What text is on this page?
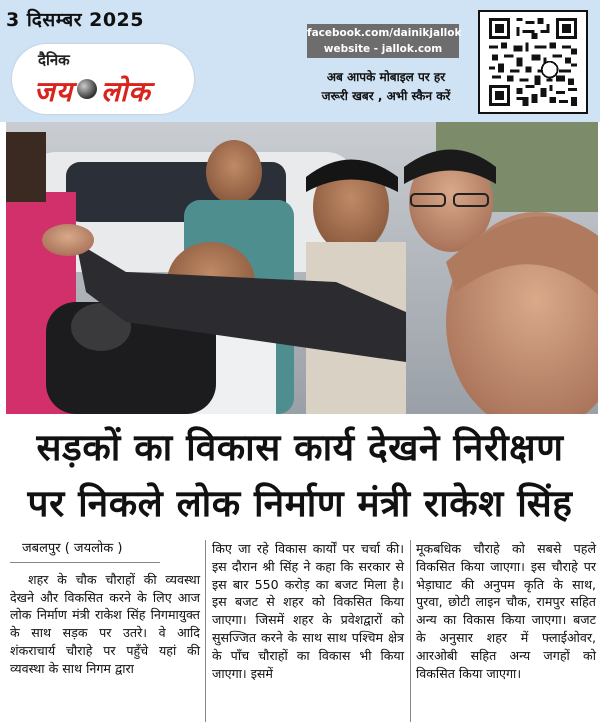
3 दिसम्बर 2025
दैनिक
जय लोक
facebook.com/dainikjallok
website - jallok.com
अब आपके मोबाइल पर हर
जरूरी खबर , अभी स्कैन करें
सड़कों का विकास कार्य देखने निरीक्षण
पर निकले लोक निर्माण मंत्री राकेश सिंह
जबलपुर ( जयलोक )

शहर के चौक चौराहों की व्यवस्था देखने और विकसित करने के लिए आज लोक निर्माण मंत्री राकेश सिंह निगमायुक्त के साथ सड़क पर उतरे। वे आदि शंकराचार्य चौराहे पर पहुँचे यहां की व्यवस्था के साथ निगम द्वारा

किए जा रहे विकास कार्यों पर चर्चा की। इस दौरान श्री सिंह ने कहा कि सरकार से इस बार 550 करोड़ का बजट मिला है। इस बजट से शहर को विकसित किया जाएगा। जिसमें शहर के प्रवेशद्वारों को सुसज्जित करने के साथ साथ पश्चिम क्षेत्र के पाँच चौराहों का विकास भी किया जाएगा। इसमें

मूकबधिक चौराहे को सबसे पहले विकसित किया जाएगा। इस चौराहे पर भेड़ाघाट की अनुपम कृति के साथ, पुरवा, छोटी लाइन चौक, रामपुर सहित अन्य का विकास किया जाएगा। बजट के अनुसार शहर में फ्लाईओवर, आरओबी सहित अन्य जगहों को विकसित किया जाएगा।
